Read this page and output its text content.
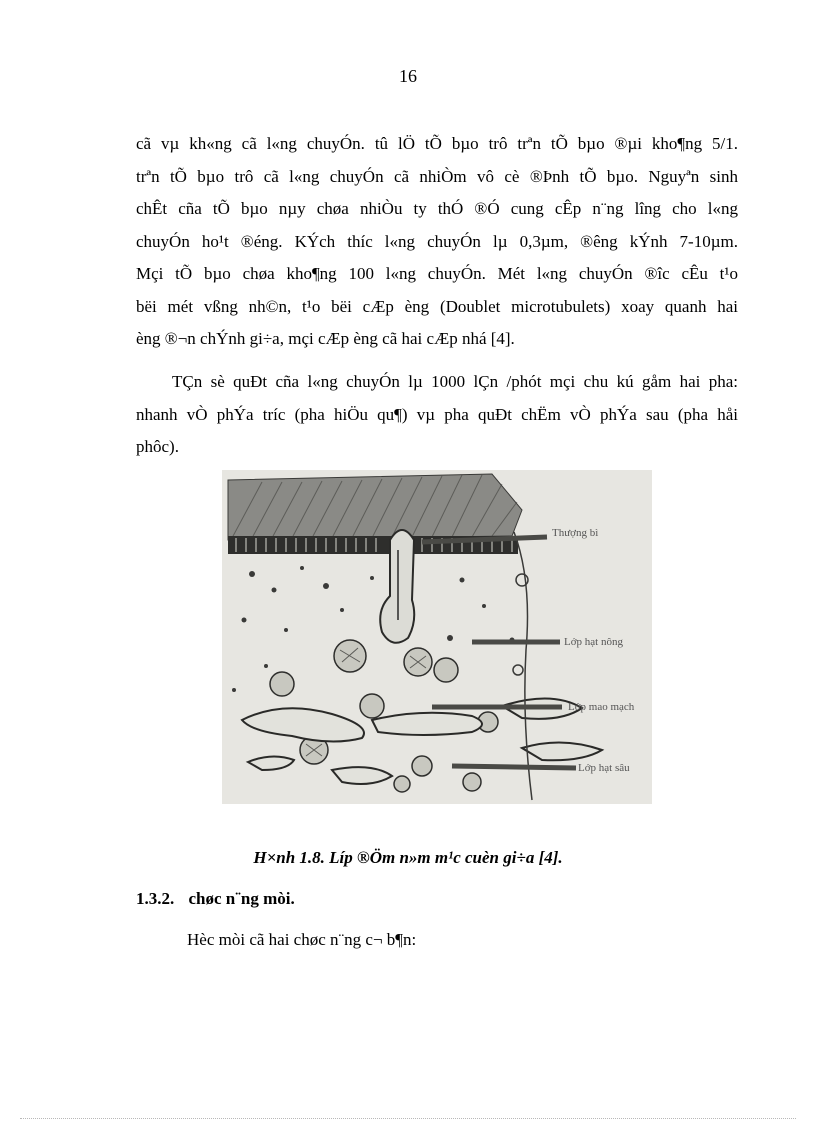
16
cã vµ kh«ng cã l«ng chuyÓn. tû lÖ tÕ bµo trô trªn tÕ bµo ®µi kho¶ng 5/1.
trªn tÕ bµo trô cã l«ng chuyÓn cã nhiÒm vô cè ®Þnh tÕ bµo. Nguyªn sinh
chÊt cña tÕ bµo nµy chøa nhiÒu ty thÓ ®Ó cung cÊp n¨ng lîng cho l«ng
chuyÓn ho¹t ®éng. KÝch thíc l«ng chuyÓn lµ 0,3µm, ®êng kÝnh 7-10µm.
Mçi tÕ bµo chøa kho¶ng 100 l«ng chuyÓn. Mét l«ng chuyÓn ®îc cÊu t¹o
bëi mét vßng nh©n, t¹o bëi cÆp èng (Doublet microtubulets) xoay quanh hai
èng ®¬n chÝnh gi÷a, mçi cÆp èng cã hai cÆp nhá [4].
TÇn sè quÐt cña l«ng chuyÓn lµ 1000 lÇn /phót mçi chu kú gåm hai pha:
nhanh vÒ phÝa tríc (pha hiÖu qu¶) vµ pha quÐt chËm vÒ phÝa sau (pha håi
phôc).
Thượng bì
Lớp hạt nông
Lớp mao mạch
Lớp hạt sâu
H×nh 1.8. Líp ®Öm n»m m¹c cuèn gi÷a [4].
1.3.2. chøc n¨ng mòi.
Hèc mòi cã hai chøc n¨ng c¬ b¶n:
